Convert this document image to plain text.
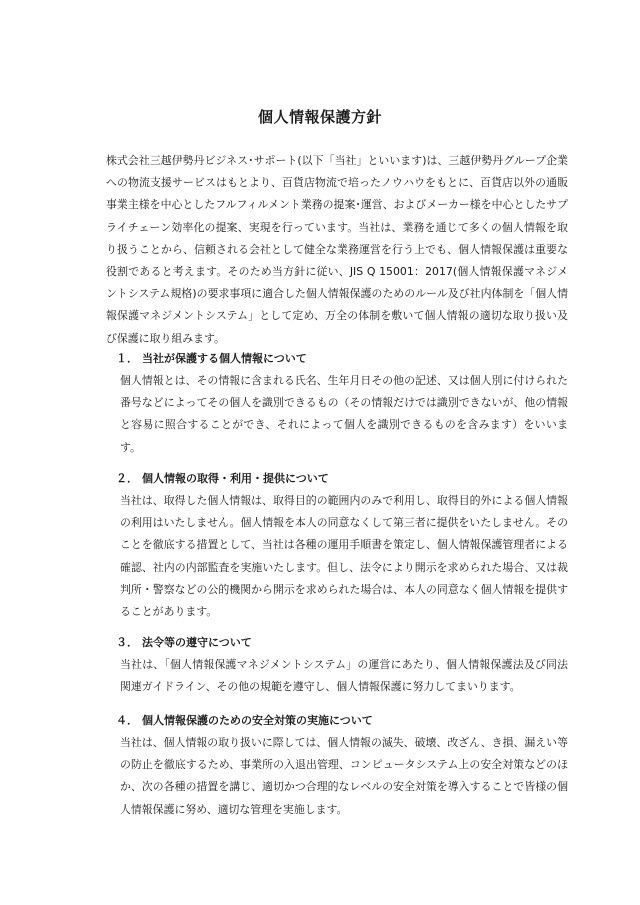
個人情報保護方針

株式会社三越伊勢丹ビジネス･サポート(以下「当社」といいます)は、三越伊勢丹グループ企業への物流支援サービスはもとより、百貨店物流で培ったノウハウをもとに、百貨店以外の通販事業主様を中心としたフルフィルメント業務の提案･運営、およびメーカー様を中心としたサプライチェーン効率化の提案、実現を行っています。当社は、業務を通じて多くの個人情報を取り扱うことから、信頼される会社として健全な業務運営を行う上でも、個人情報保護は重要な役割であると考えます。そのため当方針に従い、JIS Q 15001：2017(個人情報保護マネジメントシステム規格)の要求事項に適合した個人情報保護のためのルール及び社内体制を「個人情報保護マネジメントシステム」として定め、万全の体制を敷いて個人情報の適切な取り扱い及び保護に取り組みます。

１． 当社が保護する個人情報について

個人情報とは、その情報に含まれる氏名、生年月日その他の記述、又は個人別に付けられた番号などによってその個人を識別できるもの（その情報だけでは識別できないが、他の情報と容易に照合することができ、それによって個人を識別できるものを含みます）をいいます。

２． 個人情報の取得・利用・提供について

当社は、取得した個人情報は、取得目的の範囲内のみで利用し、取得目的外による個人情報の利用はいたしません。個人情報を本人の同意なくして第三者に提供をいたしません。そのことを徹底する措置として、当社は各種の運用手順書を策定し、個人情報保護管理者による確認、社内の内部監査を実施いたします。但し、法令により開示を求められた場合、又は裁判所・警察などの公的機関から開示を求められた場合は、本人の同意なく個人情報を提供することがあります。

３． 法令等の遵守について

当社は、「個人情報保護マネジメントシステム」の運営にあたり、個人情報保護法及び同法関連ガイドライン、その他の規範を遵守し、個人情報保護に努力してまいります。

４． 個人情報保護のための安全対策の実施について

当社は、個人情報の取り扱いに際しては、個人情報の滅失、破壊、改ざん、き損、漏えい等の防止を徹底するため、事業所の入退出管理、コンピュータシステム上の安全対策などのほか、次の各種の措置を講じ、適切かつ合理的なレベルの安全対策を導入することで皆様の個人情報保護に努め、適切な管理を実施します。
